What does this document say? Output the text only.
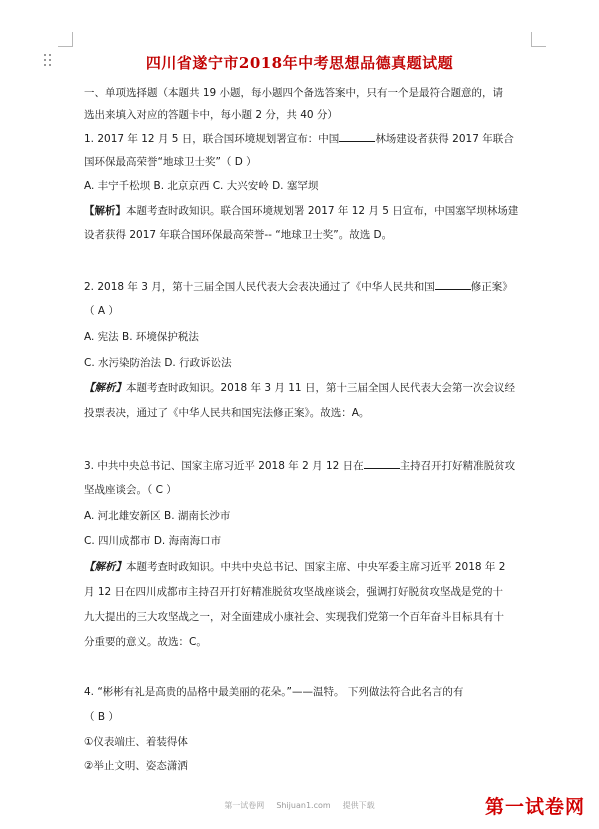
四川省遂宁市2018年中考思想品德真题试题
一、单项选择题（本题共 19 小题，每小题四个备选答案中，只有一个是最符合题意的，请
选出来填入对应的答题卡中，每小题 2 分，共 40 分）
1. 2017 年 12 月 5 日，联合国环境规划署宣布：中国	林场建设者获得 2017 年联合
国环保最高荣誉“地球卫士奖”（ D ）
A. 丰宁千松坝 B. 北京京西 C. 大兴安岭 D. 塞罕坝
【解析】本题考查时政知识。联合国环境规划署 2017 年 12 月 5 日宣布，中国塞罕坝林场建
设者获得 2017 年联合国环保最高荣誉-- “地球卫士奖”。故选 D。
2. 2018 年 3 月，第十三届全国人民代表大会表决通过了《中华人民共和国	修正案》
（ A ）
A. 宪法 B. 环境保护税法
C. 水污染防治法 D. 行政诉讼法
【解析】本题考查时政知识。2018 年 3 月 11 日，第十三届全国人民代表大会第一次会议经
投票表决，通过了《中华人民共和国宪法修正案》。故选：A。
3. 中共中央总书记、国家主席习近平 2018 年 2 月 12 日在	主持召开打好精准脱贫攻
坚战座谈会。（ C ）
A. 河北雄安新区 B. 湖南长沙市
C. 四川成都市 D. 海南海口市
【解析】本题考查时政知识。中共中央总书记、国家主席、中央军委主席习近平 2018 年 2
月 12 日在四川成都市主持召开打好精准脱贫攻坚战座谈会，强调打好脱贫攻坚战是党的十
九大提出的三大攻坚战之一，对全面建成小康社会、实现我们党第一个百年奋斗目标具有十
分重要的意义。故选：C。
4. “彬彬有礼是高贵的品格中最美丽的花朵。”——温特。 下列做法符合此名言的有
（ B ）
①仪表端庄、着装得体
②举止文明、姿态潇洒
第一试卷网 Shijuan1.com 提供下载	第一试卷网
